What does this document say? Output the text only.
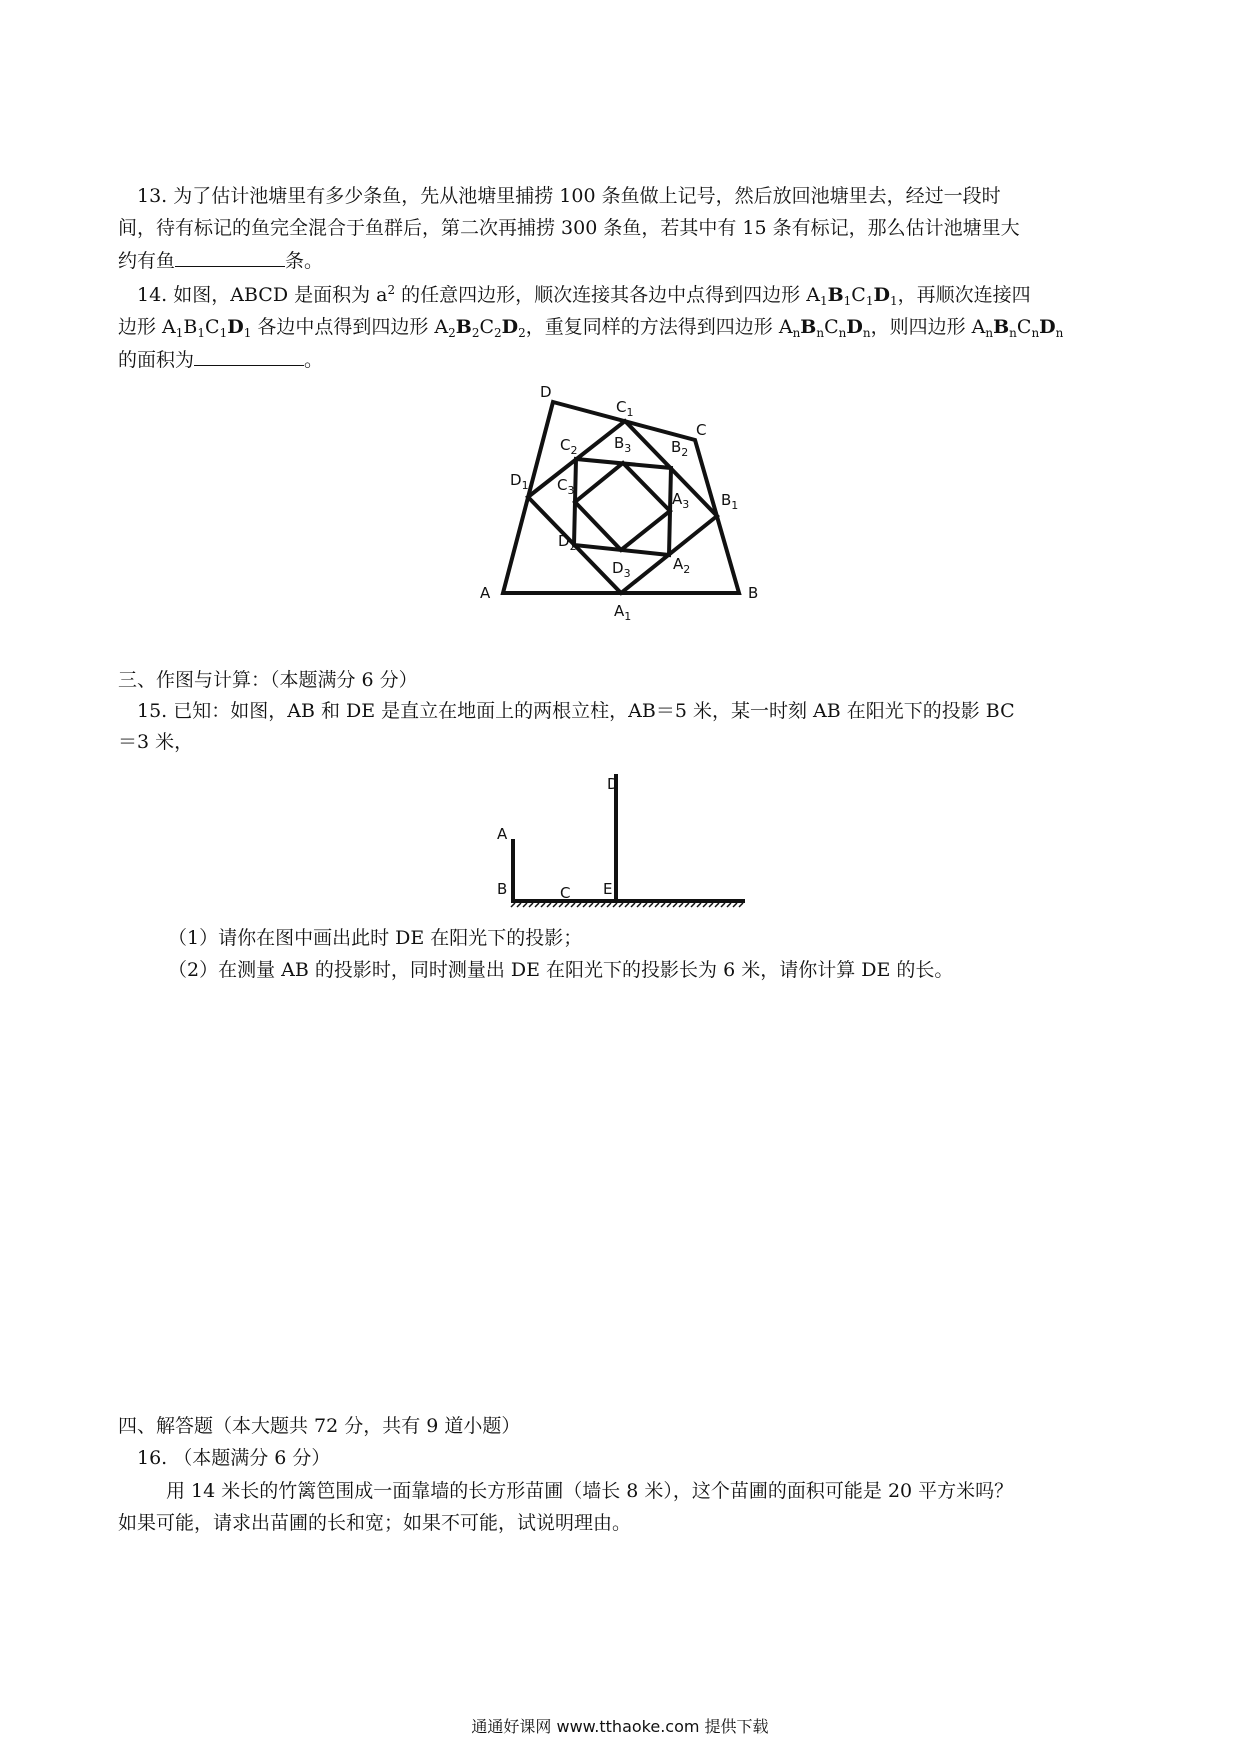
13. 为了估计池塘里有多少条鱼，先从池塘里捕捞 100 条鱼做上记号，然后放回池塘里去，经过一段时
间，待有标记的鱼完全混合于鱼群后，第二次再捕捞 300 条鱼，若其中有 15 条有标记，那么估计池塘里大
约有鱼	条。
14. 如图，ABCD 是面积为 $a^2$ 的任意四边形，顺次连接其各边中点得到四边形 $A_1B_1C_1D_1$，再顺次连接四
边形 $A_1B_1C_1D_1$ 各边中点得到四边形 $A_2B_2C_2D_2$，重复同样的方法得到四边形 $A_nB_nC_nD_n$，则四边形 $A_nB_nC_nD_n$
的面积为	。
D
C
A	B
$C_1$
$B_2$
$B_3$
$C_2$
$D_1$ $C_3$	$A_3$ $B_1$
$D_2$
$D_3$
$A_2$
$A_1$
三、作图与计算：（本题满分 6 分）
15. 已知：如图，AB 和 DE 是直立在地面上的两根立柱，AB＝5 米，某一时刻 AB 在阳光下的投影 BC
＝3 米，
A
B	C
D
E
（1）请你在图中画出此时 DE 在阳光下的投影；
（2）在测量 AB 的投影时，同时测量出 DE 在阳光下的投影长为 6 米，请你计算 DE 的长。
四、解答题（本大题共 72 分，共有 9 道小题）
16. （本题满分 6 分）
用 14 米长的竹篱笆围成一面靠墙的长方形苗圃（墙长 8 米），这个苗圃的面积可能是 20 平方米吗？
如果可能，请求出苗圃的长和宽；如果不可能，试说明理由。
通通好课网 www.tthaoke.com 提供下载
